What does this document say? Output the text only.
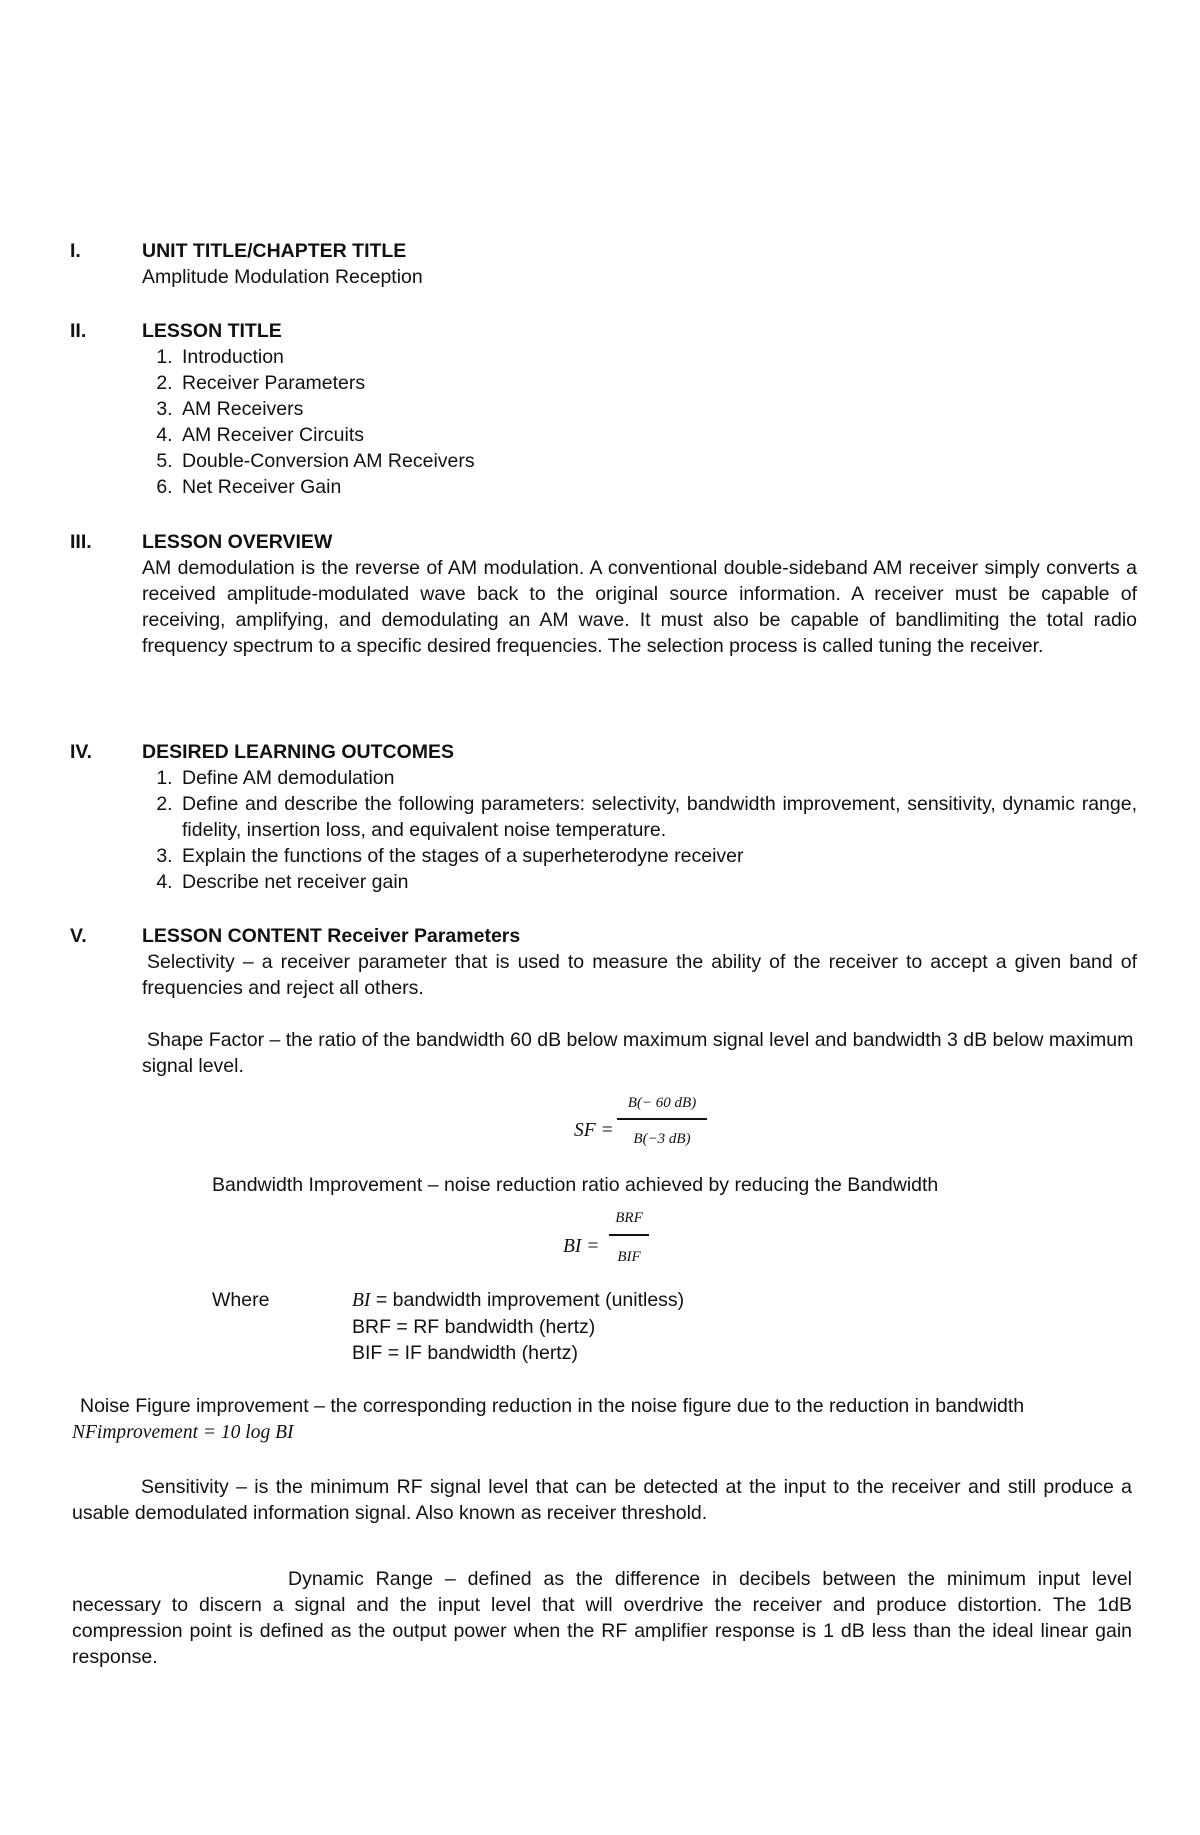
I.	UNIT TITLE/CHAPTER TITLE
Amplitude Modulation Reception
II.	LESSON TITLE
1. Introduction
2. Receiver Parameters
3. AM Receivers
4. AM Receiver Circuits
5. Double-Conversion AM Receivers
6. Net Receiver Gain
III.	LESSON OVERVIEW
AM demodulation is the reverse of AM modulation. A conventional double-sideband AM receiver simply converts a received amplitude-modulated wave back to the original source information. A receiver must be capable of receiving, amplifying, and demodulating an AM wave. It must also be capable of bandlimiting the total radio frequency spectrum to a specific desired frequencies. The selection process is called tuning the receiver.
IV.	DESIRED LEARNING OUTCOMES
1. Define AM demodulation
2. Define and describe the following parameters: selectivity, bandwidth improvement, sensitivity, dynamic range, fidelity, insertion loss, and equivalent noise temperature.
3. Explain the functions of the stages of a superheterodyne receiver
4. Describe net receiver gain
V.	LESSON CONTENT Receiver Parameters
Selectivity – a receiver parameter that is used to measure the ability of the receiver to accept a given band of frequencies and reject all others.
Shape Factor – the ratio of the bandwidth 60 dB below maximum signal level and bandwidth 3 dB below maximum signal level.
SF =
B(− 60 dB)
B(−3 dB)
Bandwidth Improvement – noise reduction ratio achieved by reducing the Bandwidth
BI =
BRF
BIF
Where	BI = bandwidth improvement (unitless)
BRF = RF bandwidth (hertz)
BIF = IF bandwidth (hertz)
Noise Figure improvement – the corresponding reduction in the noise figure due to the reduction in bandwidth
NFimprovement = 10 log BI
Sensitivity – is the minimum RF signal level that can be detected at the input to the receiver and still produce a usable demodulated information signal. Also known as receiver threshold.
Dynamic Range – defined as the difference in decibels between the minimum input level necessary to discern a signal and the input level that will overdrive the receiver and produce distortion. The 1dB compression point is defined as the output power when the RF amplifier response is 1 dB less than the ideal linear gain response.
